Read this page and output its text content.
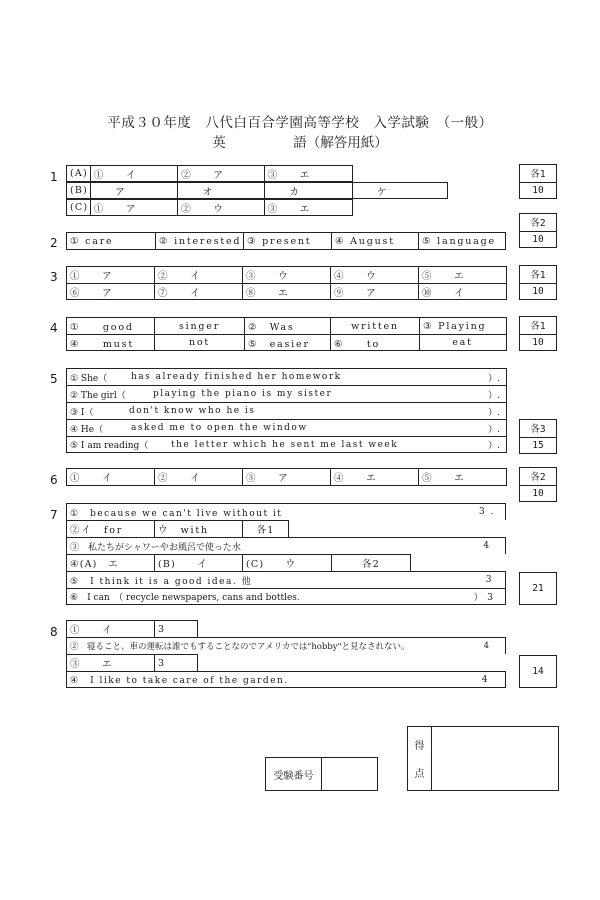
平成３０年度　八代白百合学園高等学校　入学試験　（一般）
英　　　　　語（解答用紙）
1	(A) ①　　イ	②　　ア	③　　エ
(B) 　　ア	　　オ	　　カ	　　ケ
(C) ①　　ア	②　　ウ	③　　エ
各1
10
2	① care	② interested ③ present	④ August	⑤ language
各2
10
3	①　　ア	②　　イ	③　　ウ	④　　ウ	⑤　　エ
⑥　　ア	⑦　　イ	⑧　　エ	⑨　　ア	⑩　　イ
各1
10
4	①　　good	singer	②　Was	written	③ Playing
④　　must	not	⑤　easier	⑥　　to	eat
各1
10
5 ① She（	has already finished her homework	）.
② The girl（	playing the piano is my sister	）.
③ I（	don't know who he is	）.
④ He（	asked me to open the window	）.
⑤ I am reading（	the letter which he sent me last week	）.
各3
15
6	①　　イ	②　　イ	③　　ア	④　　エ	⑤　　エ	各2
10
7 ①　because we can't live without it	3 .
②イ　for	ウ　with	各1
③　私たちがシャワーやお風呂で使った水	4
④(A)　エ	(B)　　イ	(C)　　ウ	各2
⑤　I think it is a good idea. 他	3
⑥　I can　（ recycle newspapers, cans and bottles.	）　3
21
8	①　　イ	3
②　寝ること、車の運転は誰でもすることなのでアメリカでは"hobby"と見なされない。	4
③　　エ	3
④　I like to take care of the garden.	4
14
受験番号
得
点
